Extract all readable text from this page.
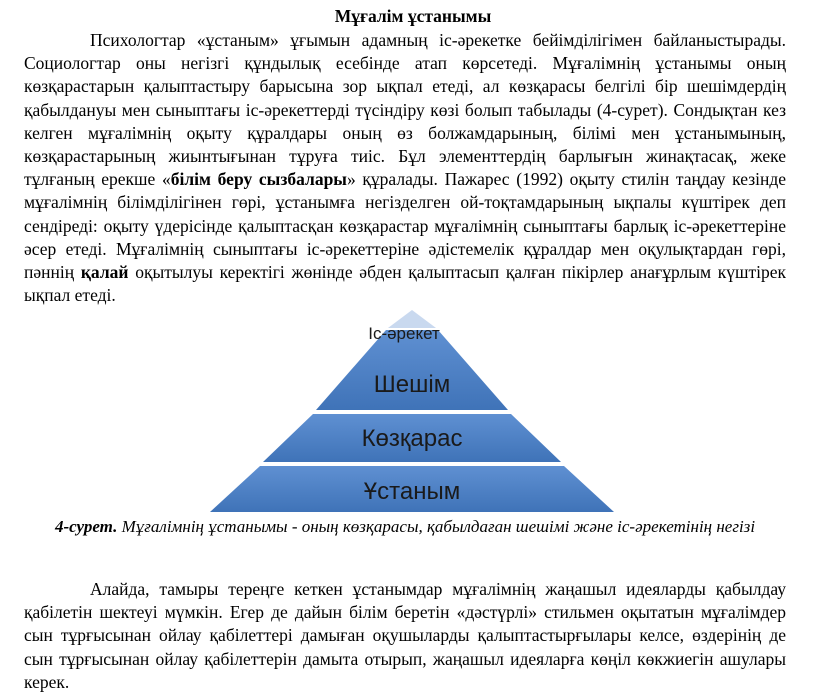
Мұғалім ұстанымы
Психологтар «ұстаным» ұғымын адамның іс-әрекетке бейімділігімен байланыстырады. Социологтар оны негізгі құндылық есебінде атап көрсетеді. Мұғалімнің ұстанымы оның көзқарастарын қалыптастыру барысына зор ықпал етеді, ал көзқарасы белгілі бір шешімдердің қабылдануы мен сыныптағы іс-әрекеттерді түсіндіру көзі болып табылады (4-сурет). Сондықтан кез келген мұғалімнің оқыту құралдары оның өз болжамдарының, білімі мен ұстанымының, көзқарастарының жиынтығынан тұруға тиіс. Бұл элементтердің барлығын жинақтасақ, жеке тұлғаның ерекше «білім беру сызбалары» құралады. Пажарес (1992) оқыту стилін таңдау кезінде мұғалімнің білімділігінен гөрі, ұстанымға негізделген ой-тоқтамдарының ықпалы күштірек деп сендіреді: оқыту үдерісінде қалыптасқан көзқарастар мұғалімнің сыныптағы барлық іс-әрекеттеріне әсер етеді. Мұғалімнің сыныптағы іс-әрекеттеріне әдістемелік құралдар мен оқулықтардан гөрі, пәннің қалай оқытылуы керектігі жөнінде әбден қалыптасып қалған пікірлер анағұрлым күштірек ықпал етеді.
Іс-әрекет
Шешім
Көзқарас
Ұстаным
4-сурет. Мұғалімнің ұстанымы - оның көзқарасы, қабылдаған шешімі және іс-әрекетінің негізі
Алайда, тамыры тереңге кеткен ұстанымдар мұғалімнің жаңашыл идеяларды қабылдау қабілетін шектеуі мүмкін. Егер де дайын білім беретін «дәстүрлі» стильмен оқытатын мұғалімдер сын тұрғысынан ойлау қабілеттері дамыған оқушыларды қалыптастырғылары келсе, өздерінің де сын тұрғысынан ойлау қабілеттерін дамыта отырып, жаңашыл идеяларға көңіл көкжиегін ашулары керек.
